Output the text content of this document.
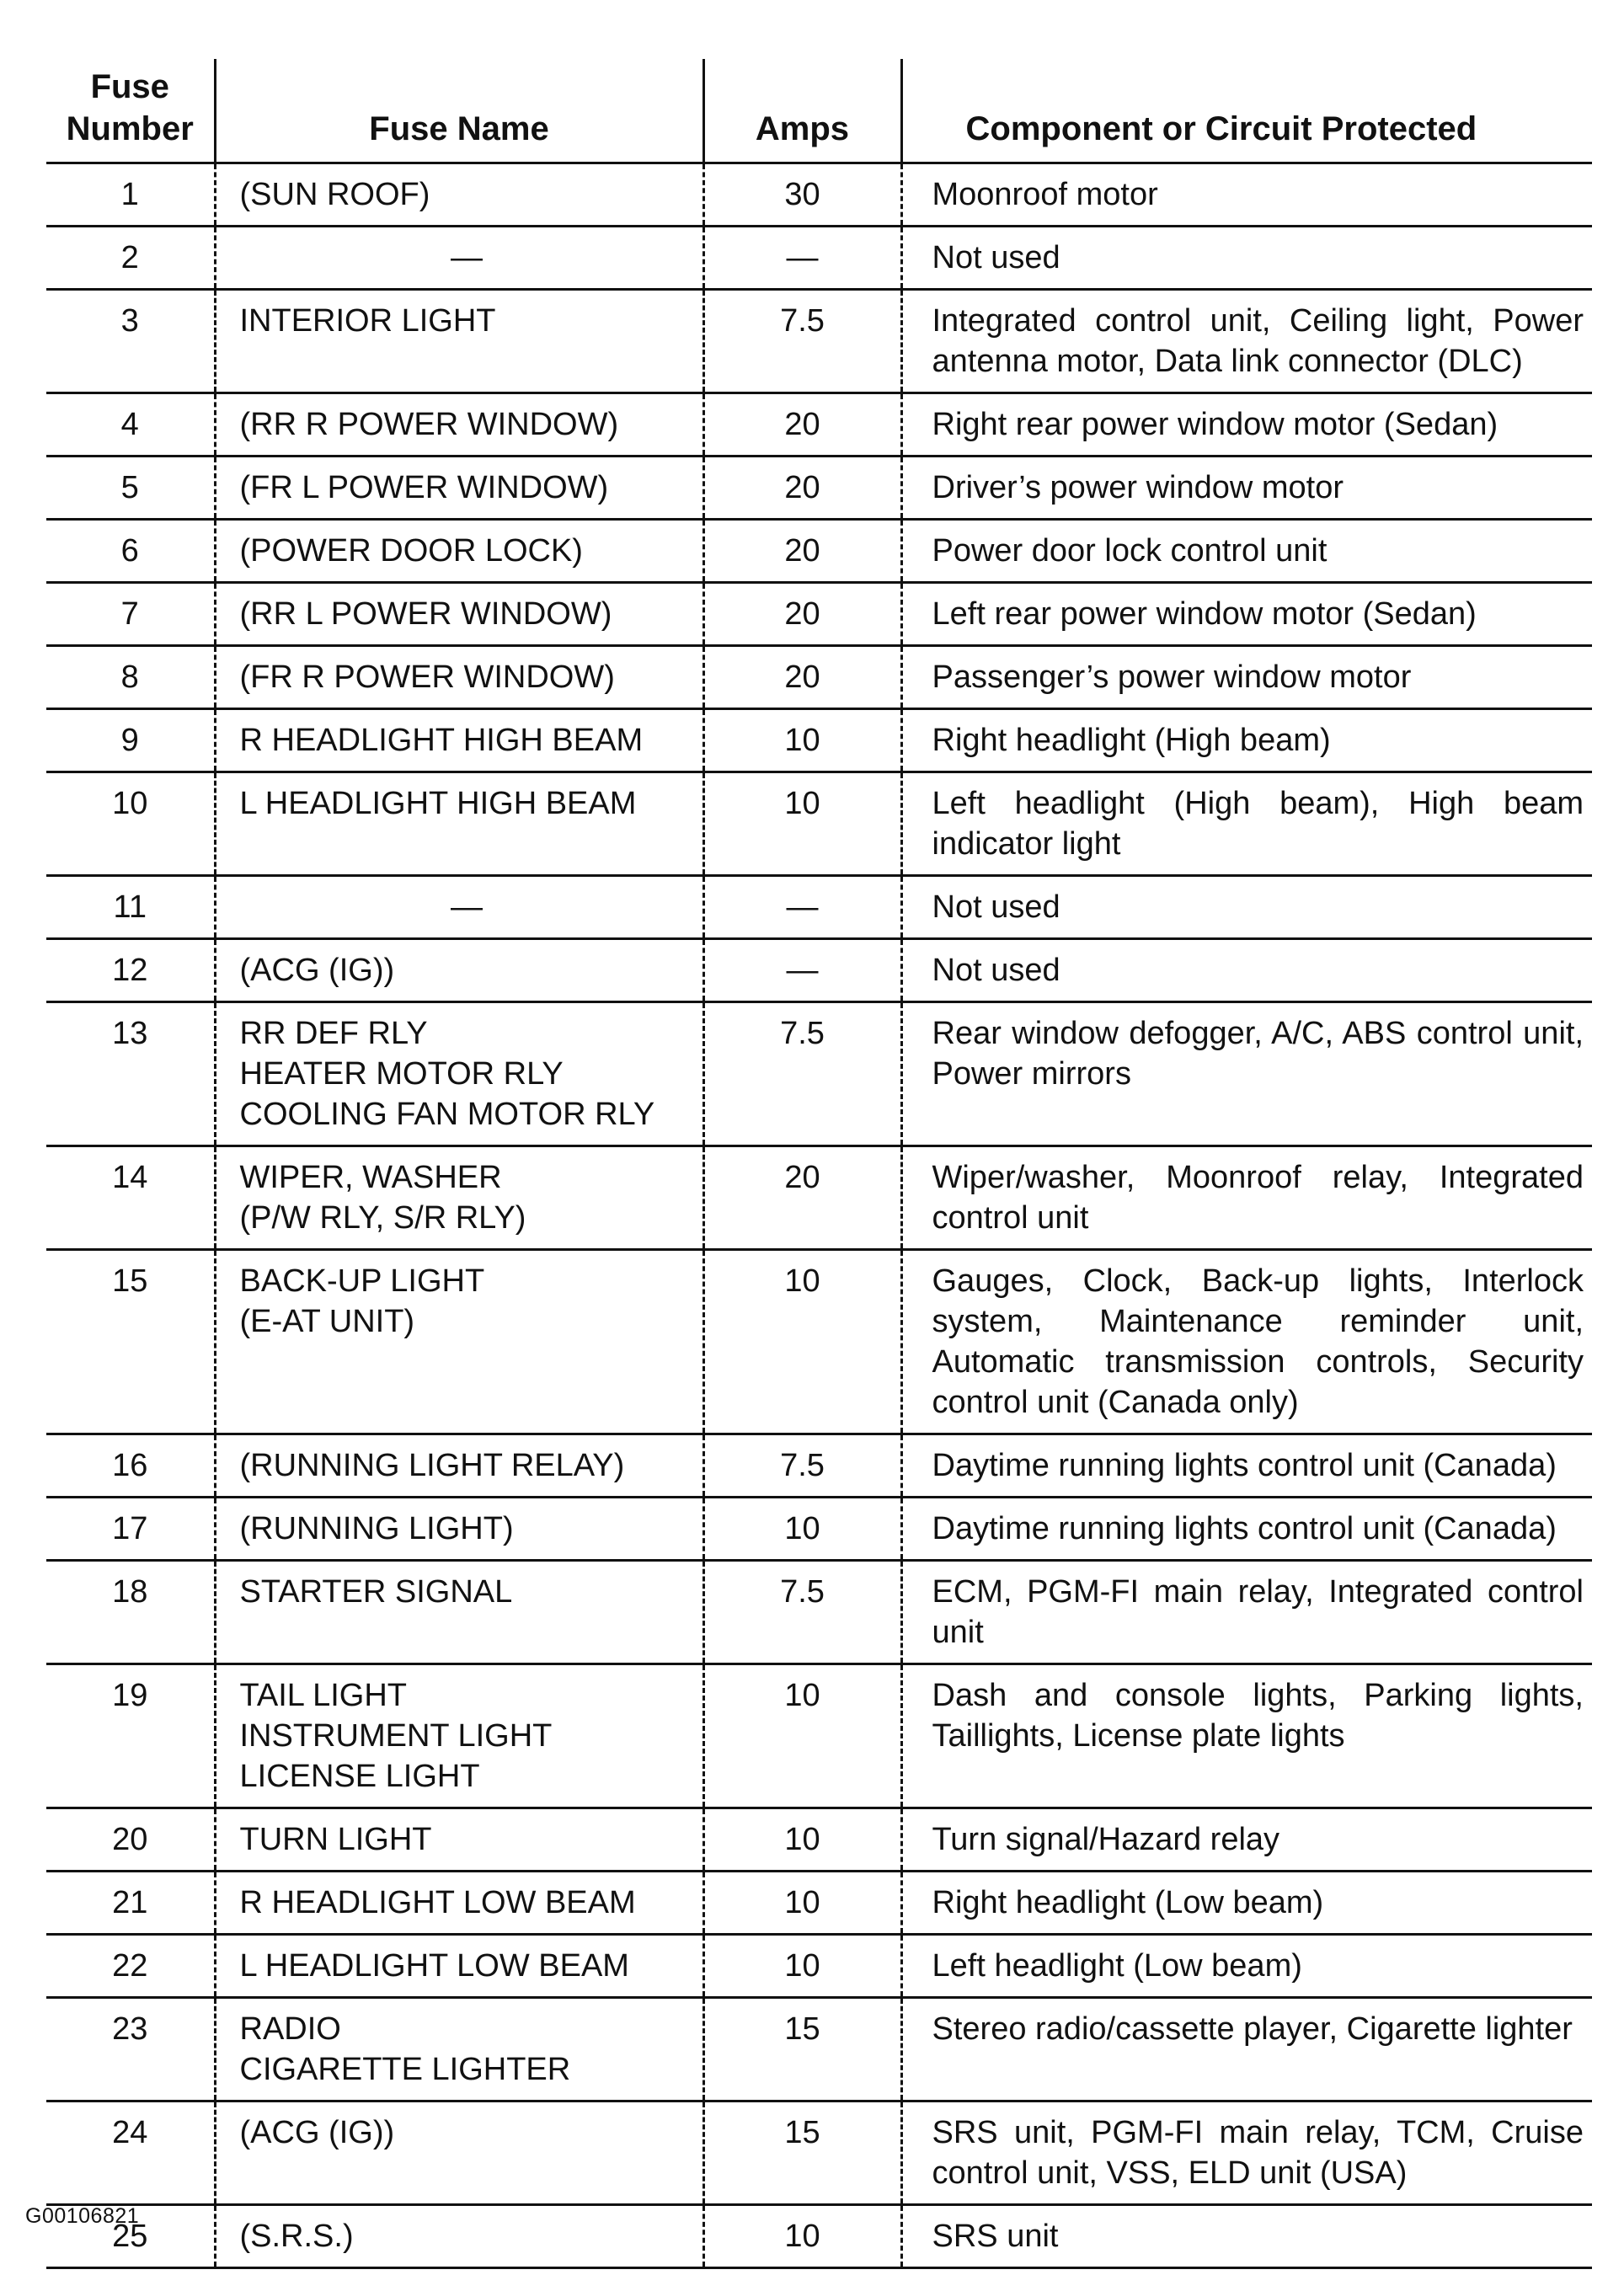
Fuse Number	Fuse Name	Amps	Component or Circuit Protected
1	(SUN ROOF)	30	Moonroof motor
2	—	—	Not used
3	INTERIOR LIGHT	7.5	Integrated control unit, Ceiling light, Power antenna motor, Data link connector (DLC)
4	(RR R POWER WINDOW)	20	Right rear power window motor (Sedan)
5	(FR L POWER WINDOW)	20	Driver’s power window motor
6	(POWER DOOR LOCK)	20	Power door lock control unit
7	(RR L POWER WINDOW)	20	Left rear power window motor (Sedan)
8	(FR R POWER WINDOW)	20	Passenger’s power window motor
9	R HEADLIGHT HIGH BEAM	10	Right headlight (High beam)
10	L HEADLIGHT HIGH BEAM	10	Left headlight (High beam), High beam indicator light
11	—	—	Not used
12	(ACG (IG))	—	Not used
13	RR DEF RLY
HEATER MOTOR RLY
COOLING FAN MOTOR RLY	7.5	Rear window defogger, A/C, ABS control unit, Power mirrors
14	WIPER, WASHER
(P/W RLY, S/R RLY)	20	Wiper/washer, Moonroof relay, Integrated control unit
15	BACK-UP LIGHT
(E-AT UNIT)	10	Gauges, Clock, Back-up lights, Interlock system, Maintenance reminder unit, Automatic transmission controls, Security control unit (Canada only)
16	(RUNNING LIGHT RELAY)	7.5	Daytime running lights control unit (Canada)
17	(RUNNING LIGHT)	10	Daytime running lights control unit (Canada)
18	STARTER SIGNAL	7.5	ECM, PGM-FI main relay, Integrated control unit
19	TAIL LIGHT
INSTRUMENT LIGHT
LICENSE LIGHT	10	Dash and console lights, Parking lights, Taillights, License plate lights
20	TURN LIGHT	10	Turn signal/Hazard relay
21	R HEADLIGHT LOW BEAM	10	Right headlight (Low beam)
22	L HEADLIGHT LOW BEAM	10	Left headlight (Low beam)
23	RADIO
CIGARETTE LIGHTER	15	Stereo radio/cassette player, Cigarette lighter
24	(ACG (IG))	15	SRS unit, PGM-FI main relay, TCM, Cruise control unit, VSS, ELD unit (USA)
25	(S.R.S.)	10	SRS unit
G00106821
